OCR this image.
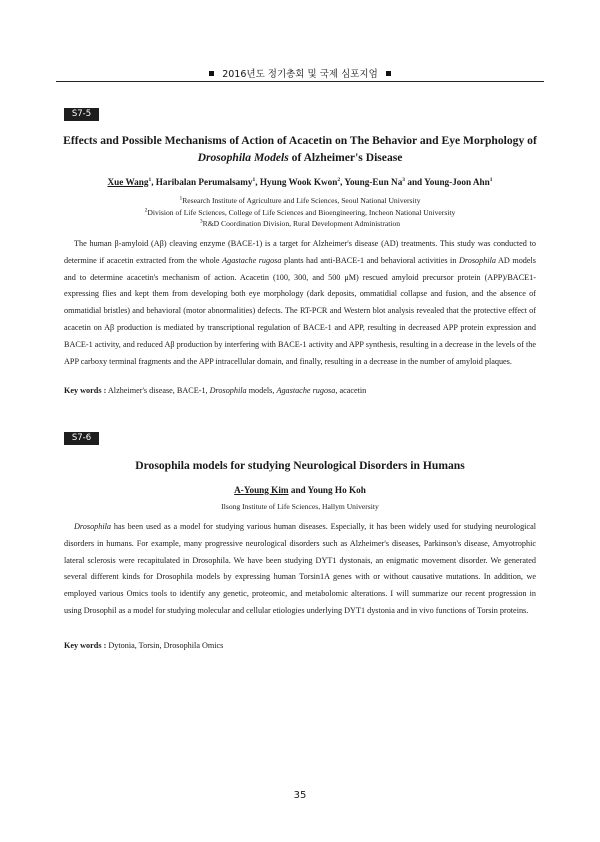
2016년도 정기총회 및 국제 심포지엄
S7-5
Effects and Possible Mechanisms of Action of Acacetin on The Behavior and Eye Morphology of
Drosophila Models of Alzheimer's Disease
Xue Wang$^1$, Haribalan Perumalsamy$^1$, Hyung Wook Kwon$^2$, Young-Eun Na$^3$ and Young-Joon Ahn$^1$
$^1$Research Institute of Agriculture and Life Sciences, Seoul National University
$^2$Division of Life Sciences, College of Life Sciences and Bioengineering, Incheon National University
$^3$R&D Coordination Division, Rural Development Administration

The human β-amyloid (Aβ) cleaving enzyme (BACE-1) is a target for Alzheimer's disease (AD) treatments. This study was conducted to determine if acacetin extracted from the whole Agastache rugosa plants had anti-BACE-1 and behavioral activities in Drosophila AD models and to determine acacetin's mechanism of action. Acacetin (100, 300, and 500 μM) rescued amyloid precursor protein (APP)/BACE1-expressing flies and kept them from developing both eye morphology (dark deposits, ommatidial collapse and fusion, and the absence of ommatidial bristles) and behavioral (motor abnormalities) defects. The RT-PCR and Western blot analysis revealed that the protective effect of acacetin on Aβ production is mediated by transcriptional regulation of BACE-1 and APP, resulting in decreased APP protein expression and BACE-1 activity, and reduced Aβ production by interfering with BACE-1 activity and APP synthesis, resulting in a decrease in the levels of the APP carboxy terminal fragments and the APP intracellular domain, and finally, resulting in a decrease in the number of amyloid plaques.

Key words : Alzheimer's disease, BACE-1, Drosophila models, Agastache rugosa, acacetin
S7-6
Drosophila models for studying Neurological Disorders in Humans
A-Young Kim and Young Ho Koh
Ilsong Institute of Life Sciences, Hallym University

Drosophila has been used as a model for studying various human diseases. Especially, it has been widely used for studying neurological disorders in humans. For example, many progressive neurological disorders such as Alzheimer's diseases, Parkinson's disease, Amyotrophic lateral sclerosis were recapitulated in Drosophila. We have been studying DYT1 dystonais, an enigmatic movement disorder. We generated several different kinds for Drosophila models by expressing human Torsin1A genes with or without causative mutations. In addition, we employed various Omics tools to identify any genetic, proteomic, and metabolomic alterations. I will summarize our recent progression in using Drosophil as a model for studying molecular and cellular etiologies underlying DYT1 dystonia and in vivo functions of Torsin proteins.

Key words : Dytonia, Torsin, Drosophila Omics
35
